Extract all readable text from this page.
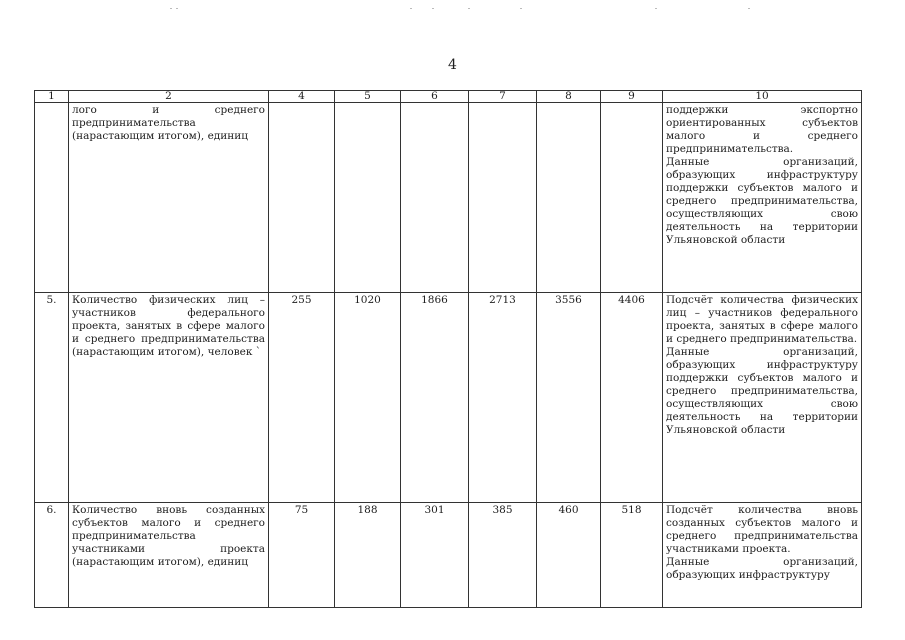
4
1	2	4	5	6	7	8	9	10
	лого и среднего предпринимательства (нарастающим итогом), единиц							поддержки экспортно ориентированных субъектов малого и среднего предпринимательства.

Данные организаций, образующих инфраструктуру поддержки субъектов малого и среднего предпринимательства, осуществляющих свою деятельность на территории Ульяновской области

5.	Количество физических лиц – участников федерального проекта, занятых в сфере малого и среднего предпринимательства (нарастающим итогом), человек `	255	1020	1866	2713	3556	4406	Подсчёт количества физических лиц – участников федерального проекта, занятых в сфере малого и среднего предпринимательства.

Данные организаций, образующих инфраструктуру поддержки субъектов малого и среднего предпринимательства, осуществляющих свою деятельность на территории Ульяновской области

6.	Количество вновь созданных субъектов малого и среднего предпринимательства участниками проекта (нарастающим итогом), единиц	75	188	301	385	460	518	Подсчёт количества вновь созданных субъектов малого и среднего предпринимательства участниками проекта.

Данные организаций, образующих инфраструктуру
